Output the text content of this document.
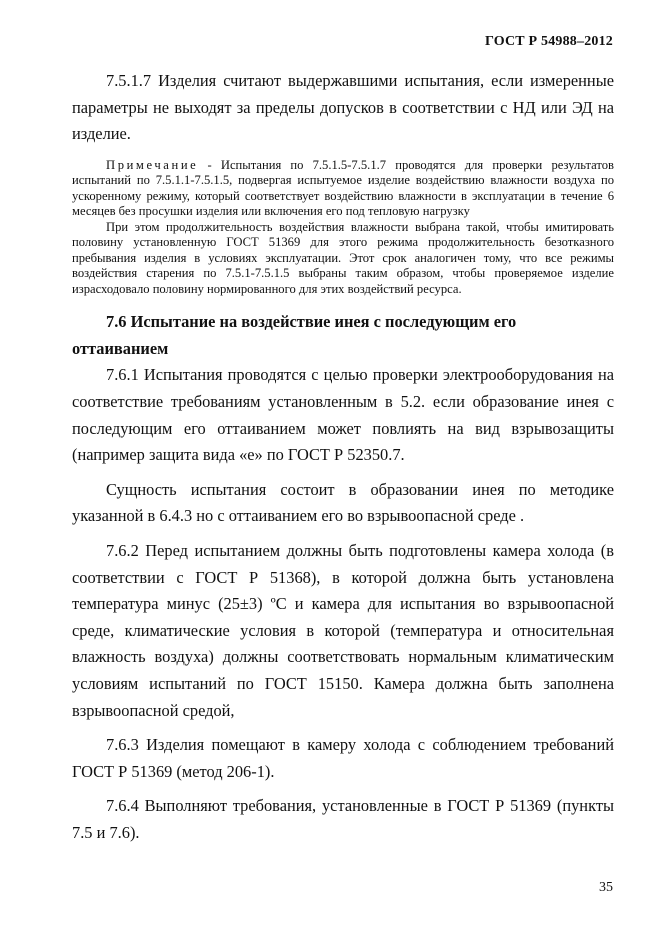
ГОСТ Р 54988–2012

7.5.1.7 Изделия считают выдержавшими испытания, если измеренные параметры не выходят за пределы допусков в соответствии с НД или ЭД на изделие.

Примечание - Испытания по 7.5.1.5-7.5.1.7 проводятся для проверки результатов испытаний по 7.5.1.1-7.5.1.5, подвергая испытуемое изделие воздействию влажности воздуха по ускоренному режиму, который соответствует воздействию влажности в эксплуатации в течение 6 месяцев без просушки изделия или включения его под тепловую нагрузку

При этом продолжительность воздействия влажности выбрана такой, чтобы имитировать половину установленную ГОСТ 51369 для этого режима продолжительность безотказного пребывания изделия в условиях эксплуатации. Этот срок аналогичен тому, что все режимы воздействия старения по 7.5.1-7.5.1.5 выбраны таким образом, чтобы проверяемое изделие израсходовало половину нормированного для этих воздействий ресурса.

7.6 Испытание на воздействие инея с последующим его оттаиванием

7.6.1 Испытания проводятся с целью проверки электрооборудования на соответствие требованиям установленным в 5.2. если образование инея с последующим его оттаиванием может повлиять на вид взрывозащиты (например защита вида «е» по ГОСТ Р 52350.7.

Сущность испытания состоит в образовании инея по методике указанной в 6.4.3 но с оттаиванием его во взрывоопасной среде .

7.6.2 Перед испытанием должны быть подготовлены камера холода (в соответствии с ГОСТ Р 51368), в которой должна быть установлена температура минус (25±3) ºС и камера для испытания во взрывоопасной среде, климатические условия в которой (температура и относительная влажность воздуха) должны соответствовать нормальным климатическим условиям испытаний по ГОСТ 15150. Камера должна быть заполнена взрывоопасной средой,

7.6.3 Изделия помещают в камеру холода с соблюдением требований ГОСТ Р 51369 (метод 206-1).

7.6.4 Выполняют требования, установленные в ГОСТ Р 51369 (пункты 7.5 и 7.6).

35
